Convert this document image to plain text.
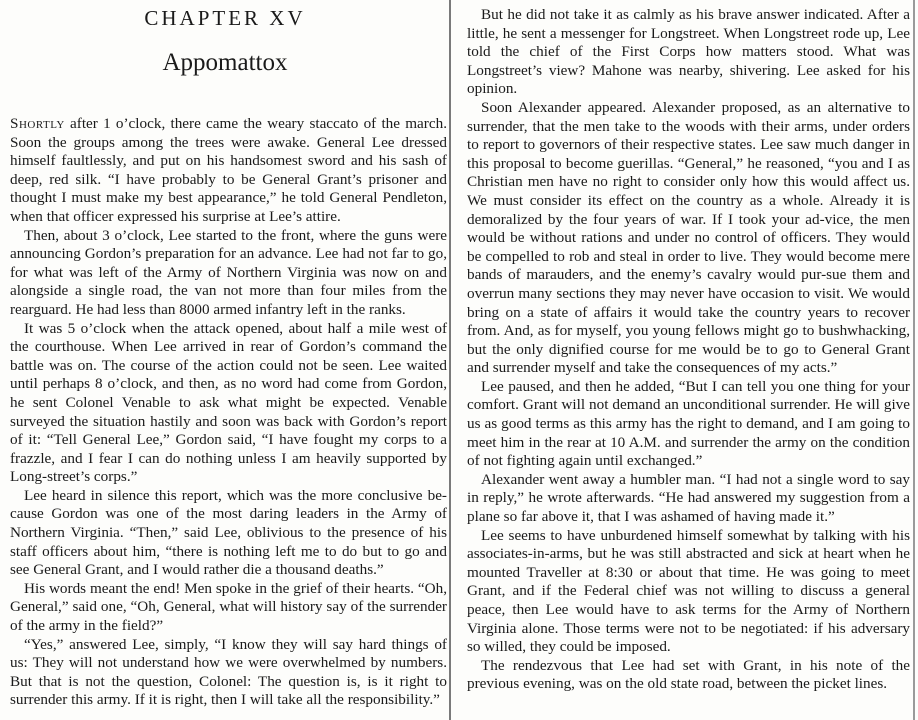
CHAPTER XV
Appomattox

Shortly after 1 o’clock, there came the weary staccato of the march. Soon the groups among the trees were awake. General Lee dressed himself faultlessly, and put on his handsomest sword and his sash of deep, red silk. “I have probably to be General Grant’s prisoner and thought I must make my best appearance,” he told General Pendleton, when that officer expressed his surprise at Lee’s attire.

Then, about 3 o’clock, Lee started to the front, where the guns were announcing Gordon’s preparation for an advance. Lee had not far to go, for what was left of the Army of Northern Virginia was now on and alongside a single road, the van not more than four miles from the rearguard. He had less than 8000 armed infantry left in the ranks.

It was 5 o’clock when the attack opened, about half a mile west of the courthouse. When Lee arrived in rear of Gordon’s command the battle was on. The course of the action could not be seen. Lee waited until perhaps 8 o’clock, and then, as no word had come from Gordon, he sent Colonel Venable to ask what might be expected. Venable surveyed the situation hastily and soon was back with Gordon’s report of it: “Tell General Lee,” Gordon said, “I have fought my corps to a frazzle, and I fear I can do nothing unless I am heavily supported by Long-street’s corps.”

Lee heard in silence this report, which was the more conclusive be-cause Gordon was one of the most daring leaders in the Army of Northern Virginia. “Then,” said Lee, oblivious to the presence of his staff officers about him, “there is nothing left me to do but to go and see General Grant, and I would rather die a thousand deaths.”

His words meant the end! Men spoke in the grief of their hearts. “Oh, General,” said one, “Oh, General, what will history say of the surrender of the army in the field?”

“Yes,” answered Lee, simply, “I know they will say hard things of us: They will not understand how we were overwhelmed by numbers. But that is not the question, Colonel: The question is, is it right to surrender this army. If it is right, then I will take all the responsibility.”

But he did not take it as calmly as his brave answer indicated. After a little, he sent a messenger for Longstreet. When Longstreet rode up, Lee told the chief of the First Corps how matters stood. What was Longstreet’s view? Mahone was nearby, shivering. Lee asked for his opinion.

Soon Alexander appeared. Alexander proposed, as an alternative to surrender, that the men take to the woods with their arms, under orders to report to governors of their respective states. Lee saw much danger in this proposal to become guerillas. “General,” he reasoned, “you and I as Christian men have no right to consider only how this would affect us. We must consider its effect on the country as a whole. Already it is demoralized by the four years of war. If I took your ad-vice, the men would be without rations and under no control of officers. They would be compelled to rob and steal in order to live. They would become mere bands of marauders, and the enemy’s cavalry would pur-sue them and overrun many sections they may never have occasion to visit. We would bring on a state of affairs it would take the country years to recover from. And, as for myself, you young fellows might go to bushwhacking, but the only dignified course for me would be to go to General Grant and surrender myself and take the consequences of my acts.”

Lee paused, and then he added, “But I can tell you one thing for your comfort. Grant will not demand an unconditional surrender. He will give us as good terms as this army has the right to demand, and I am going to meet him in the rear at 10 A.M. and surrender the army on the condition of not fighting again until exchanged.”

Alexander went away a humbler man. “I had not a single word to say in reply,” he wrote afterwards. “He had answered my suggestion from a plane so far above it, that I was ashamed of having made it.”

Lee seems to have unburdened himself somewhat by talking with his associates-in-arms, but he was still abstracted and sick at heart when he mounted Traveller at 8:30 or about that time. He was going to meet Grant, and if the Federal chief was not willing to discuss a general peace, then Lee would have to ask terms for the Army of Northern Virginia alone. Those terms were not to be negotiated: if his adversary so willed, they could be imposed.

The rendezvous that Lee had set with Grant, in his note of the previous evening, was on the old state road, between the picket lines.
